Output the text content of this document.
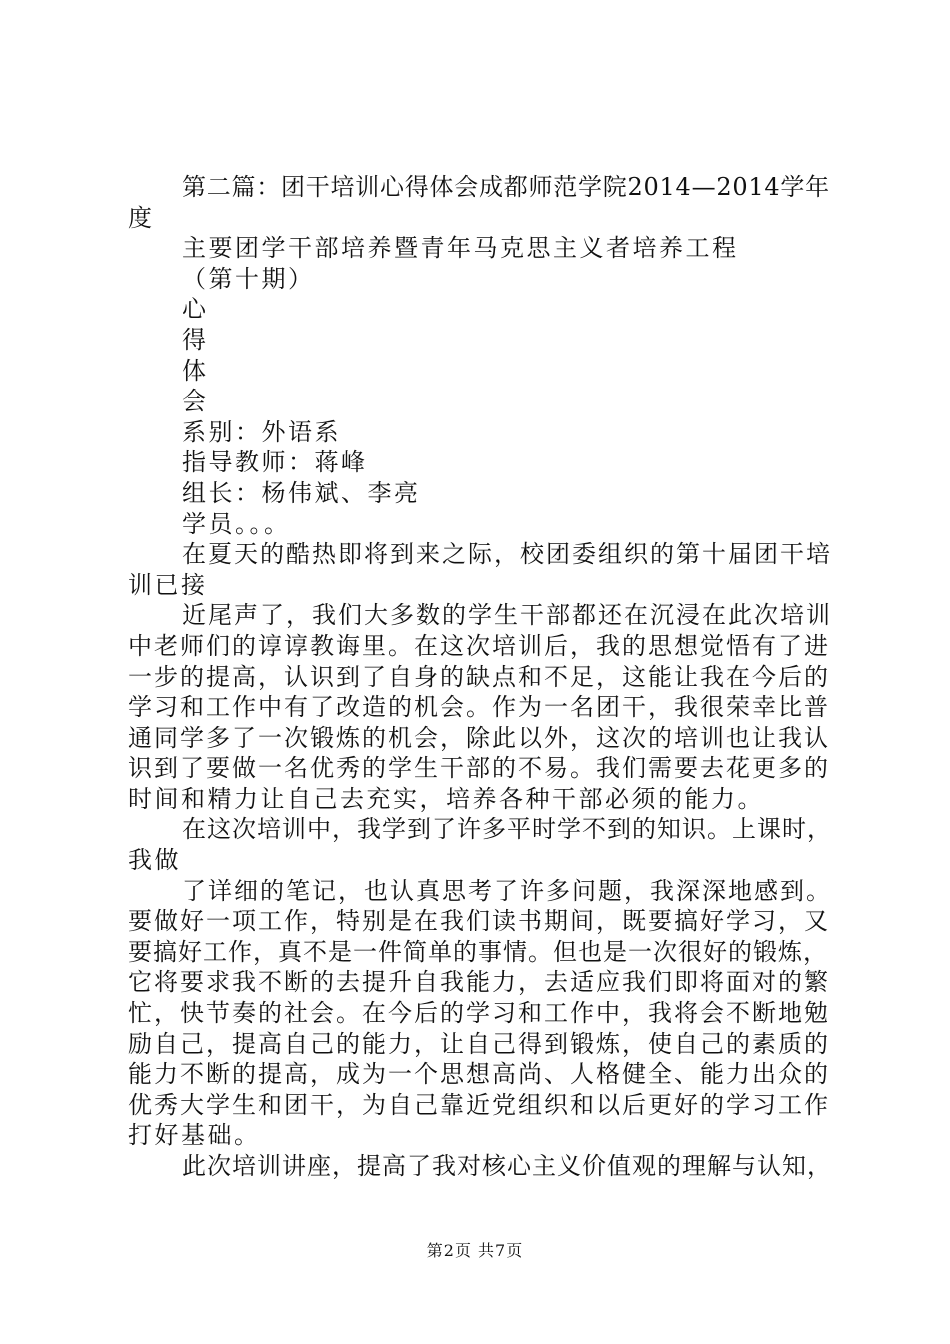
第二篇：团干培训心得体会成都师范学院2014—2014学年
度
主要团学干部培养暨青年马克思主义者培养工程
（第十期）
心
得
体
会
系别：外语系
指导教师：蒋峰
组长：杨伟斌、李亮
学员。。。
在夏天的酷热即将到来之际，校团委组织的第十届团干培
训已接
近尾声了，我们大多数的学生干部都还在沉浸在此次培训
中老师们的谆谆教诲里。在这次培训后，我的思想觉悟有了进
一步的提高，认识到了自身的缺点和不足，这能让我在今后的
学习和工作中有了改造的机会。作为一名团干，我很荣幸比普
通同学多了一次锻炼的机会，除此以外，这次的培训也让我认
识到了要做一名优秀的学生干部的不易。我们需要去花更多的
时间和精力让自己去充实，培养各种干部必须的能力。
在这次培训中，我学到了许多平时学不到的知识。上课时，
我做
了详细的笔记，也认真思考了许多问题，我深深地感到。
要做好一项工作，特别是在我们读书期间，既要搞好学习，又
要搞好工作，真不是一件简单的事情。但也是一次很好的锻炼，
它将要求我不断的去提升自我能力，去适应我们即将面对的繁
忙，快节奏的社会。在今后的学习和工作中，我将会不断地勉
励自己，提高自己的能力，让自己得到锻炼，使自己的素质的
能力不断的提高，成为一个思想高尚、人格健全、能力出众的
优秀大学生和团干，为自己靠近党组织和以后更好的学习工作
打好基础。
此次培训讲座，提高了我对核心主义价值观的理解与认知，
第2页 共7页
